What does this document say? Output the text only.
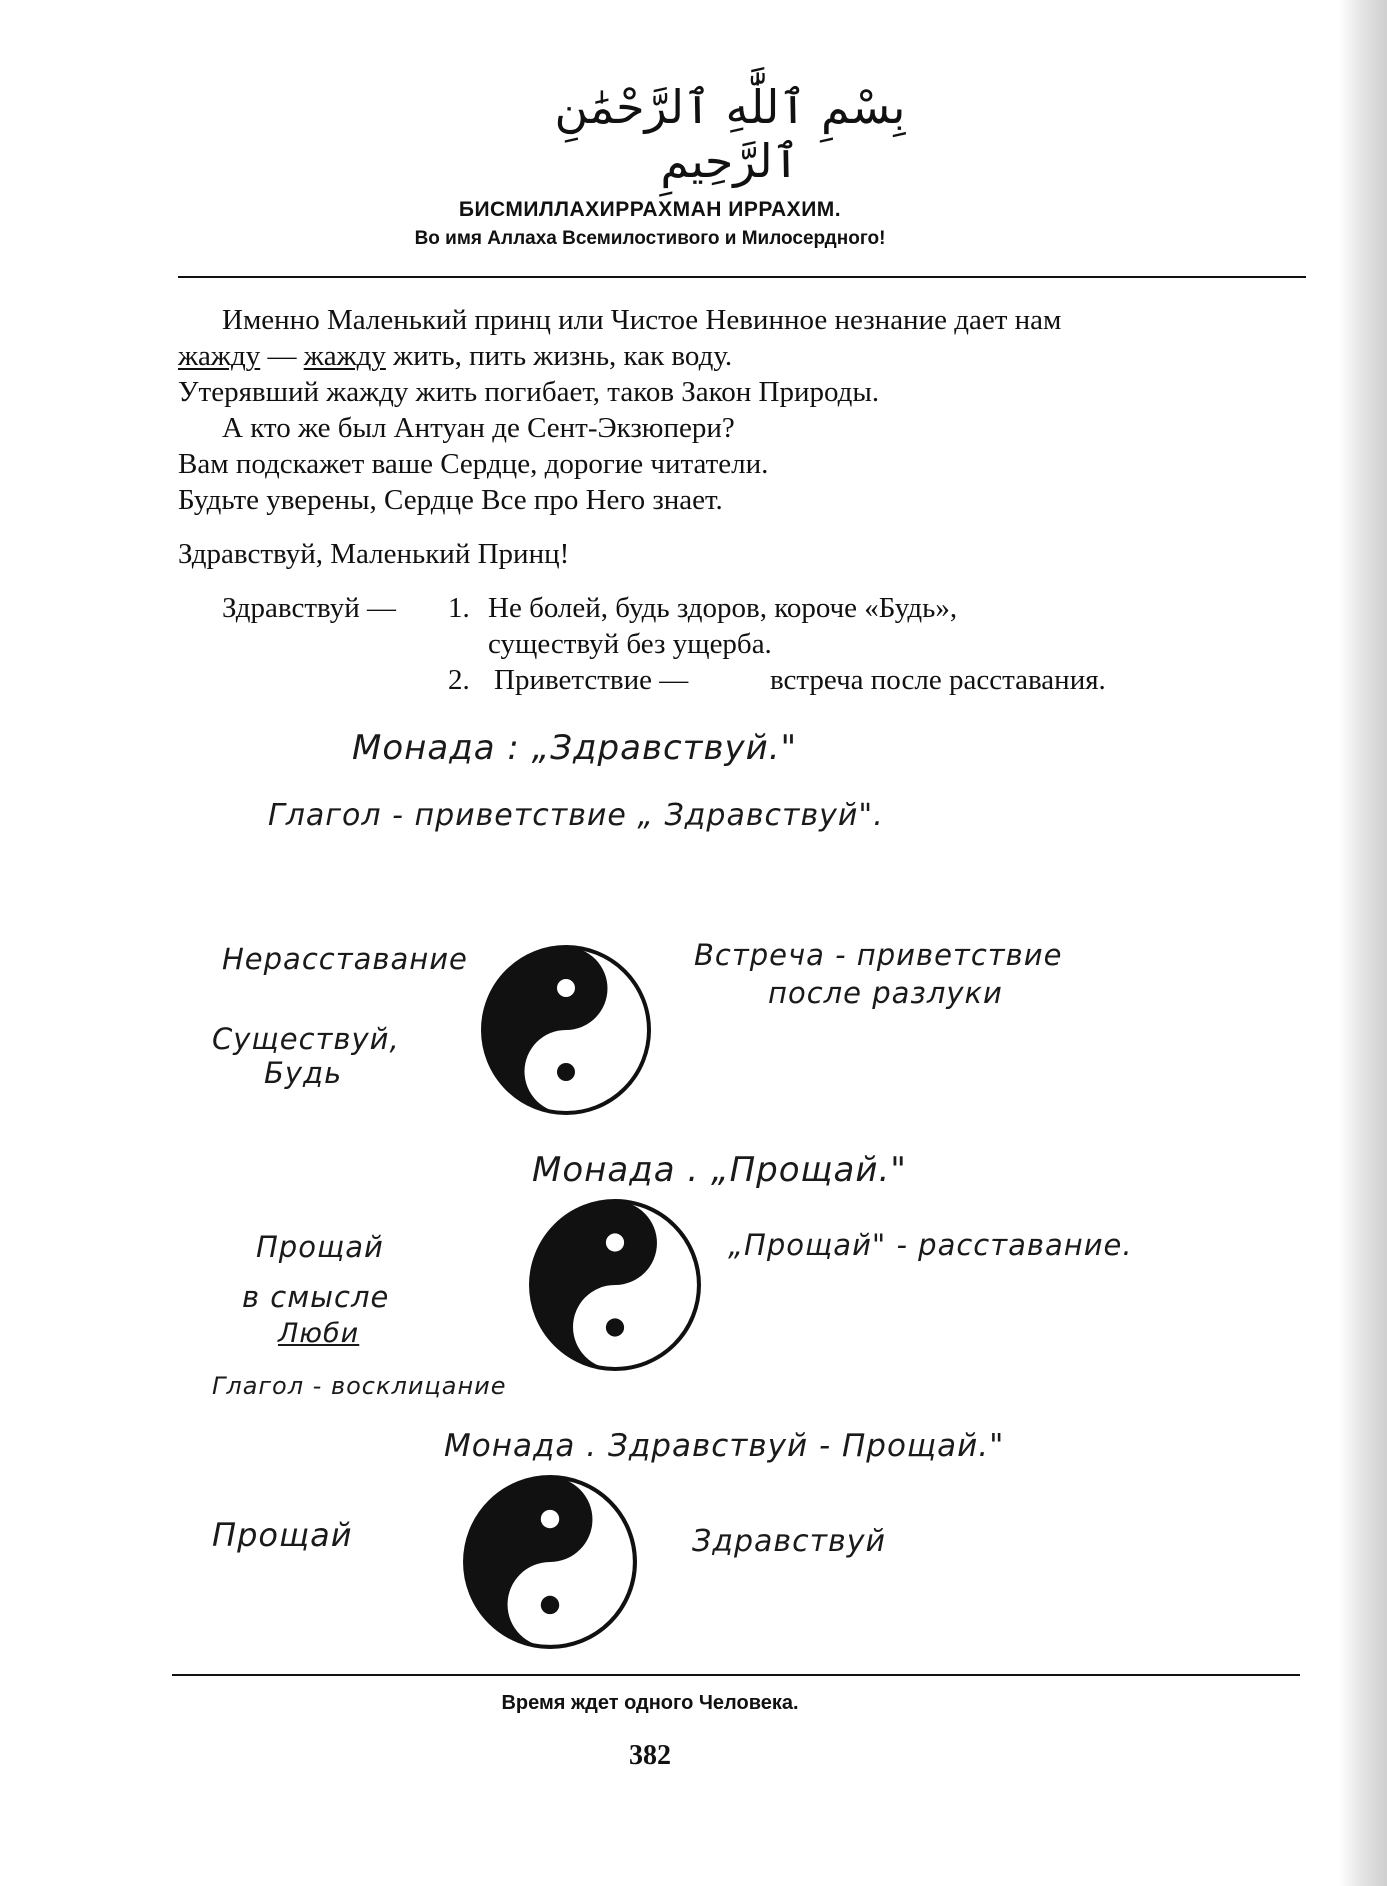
بِسْمِ ٱللَّٰهِ ٱلرَّحْمَٰنِ ٱلرَّحِيمِ
БИСМИЛЛАХИРРАХМАН ИРРАХИМ.
Во имя Аллаха Всемилостивого и Милосердного!
Именно Маленький принц или Чистое Невинное незнание дает нам
жажду — жажду жить, пить жизнь, как воду.
Утерявший жажду жить погибает, таков Закон Природы.
А кто же был Антуан де Сент-Экзюпери?
Вам подскажет ваше Сердце, дорогие читатели.
Будьте уверены, Сердце Все про Него знает.
Здравствуй, Маленький Принц!
Здравствуй — 1. Не болей, будь здоров, короче «Будь»,
существуй без ущерба.
2. Приветствие —	встреча после расставания.
Монада : „Здравствуй."
Глагол - приветствие „ Здравствуй".
Нерасставание
Существуй,
Будь
Встреча - приветствие
после разлуки
Монада . „Прощай."
Прощай
в смысле
Люби
Глагол - восклицание
„Прощай" - расставание.
Монада . Здравствуй - Прощай."
Прощай	Здравствуй
Время ждет одного Человека.
382
